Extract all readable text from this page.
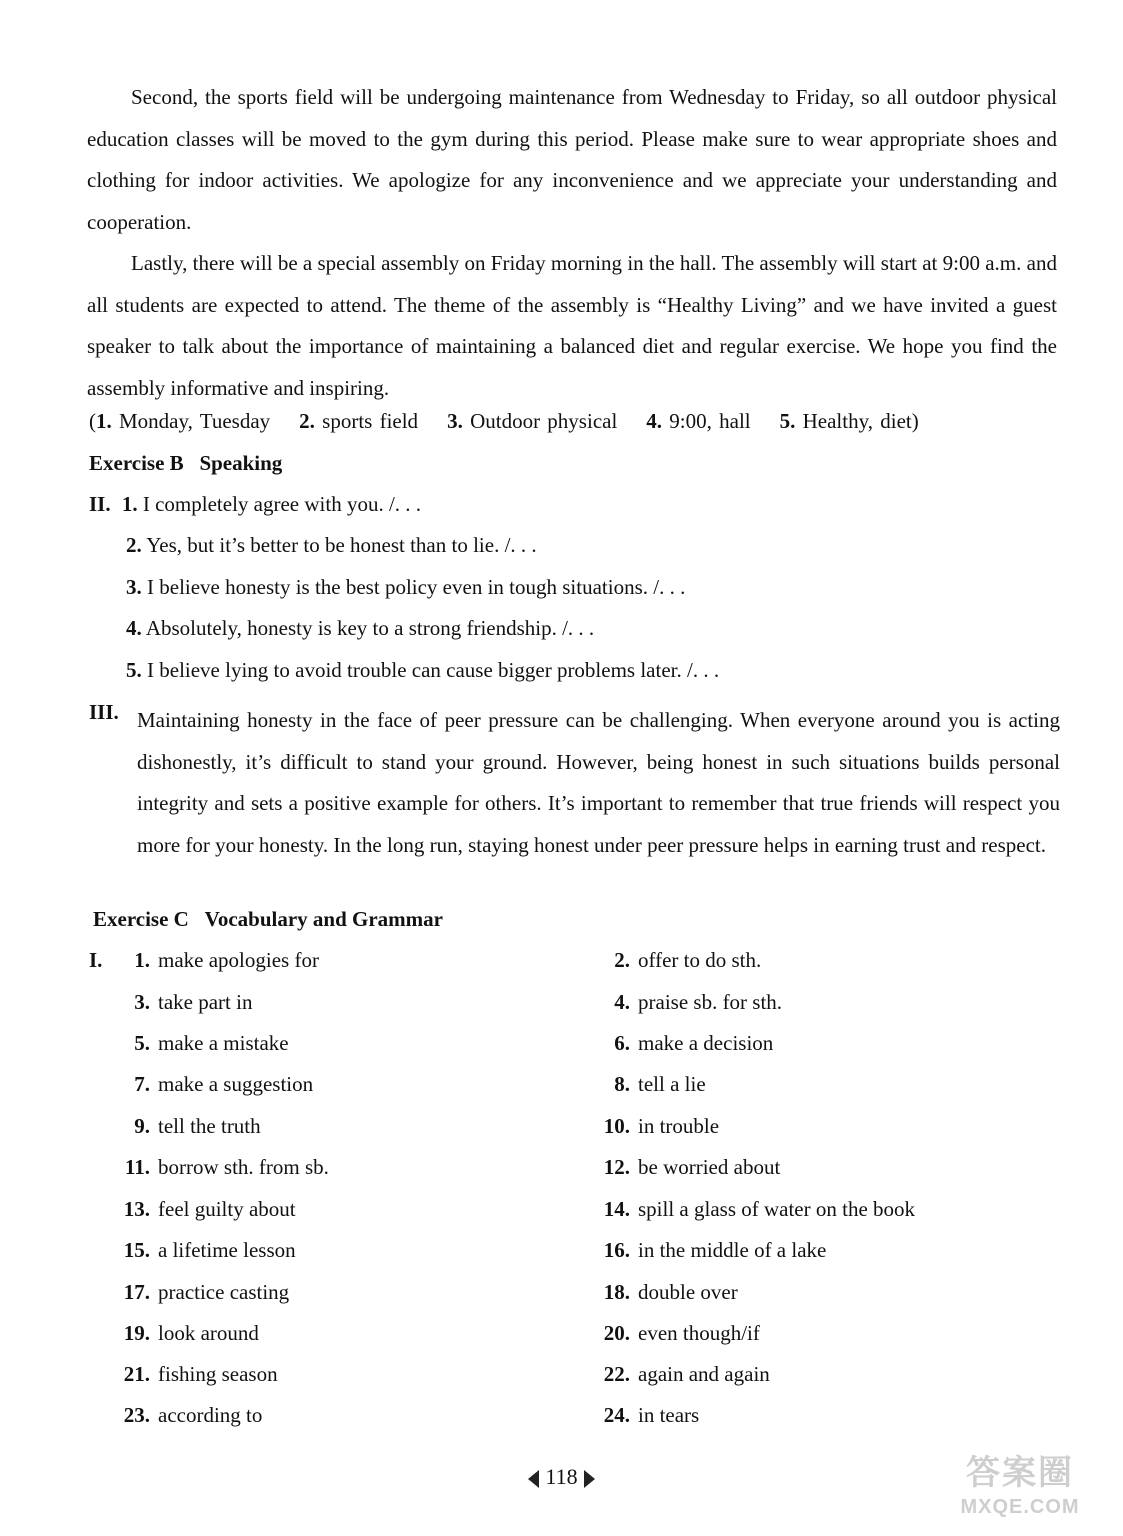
Second, the sports field will be undergoing maintenance from Wednesday to Friday, so all outdoor physical education classes will be moved to the gym during this period. Please make sure to wear appropriate shoes and clothing for indoor activities. We apologize for any inconvenience and we appreciate your understanding and cooperation.

Lastly, there will be a special assembly on Friday morning in the hall. The assembly will start at 9:00 a.m. and all students are expected to attend. The theme of the assembly is “Healthy Living” and we have invited a guest speaker to talk about the importance of maintaining a balanced diet and regular exercise. We hope you find the assembly informative and inspiring.

(1. Monday, Tuesday 2. sports field 3. Outdoor physical 4. 9:00, hall 5. Healthy, diet)
Exercise B Speaking
II. 1. I completely agree with you. /. . .
2. Yes, but it’s better to be honest than to lie. /. . .
3. I believe honesty is the best policy even in tough situations. /. . .
4. Absolutely, honesty is key to a strong friendship. /. . .
5. I believe lying to avoid trouble can cause bigger problems later. /. . .
III. Maintaining honesty in the face of peer pressure can be challenging. When everyone around you is acting dishonestly, it’s difficult to stand your ground. However, being honest in such situations builds personal integrity and sets a positive example for others. It’s important to remember that true friends will respect you more for your honesty. In the long run, staying honest under peer pressure helps in earning trust and respect.

Exercise C Vocabulary and Grammar
I.	1. make apologies for	2. offer to do sth.
3. take part in	4. praise sb. for sth.
5. make a mistake	6. make a decision
7. make a suggestion	8. tell a lie
9. tell the truth	10. in trouble
11. borrow sth. from sb.	12. be worried about
13. feel guilty about	14. spill a glass of water on the book
15. a lifetime lesson	16. in the middle of a lake
17. practice casting	18. double over
19. look around	20. even though/if
21. fishing season	22. again and again
23. according to	24. in tears
118	答案圈
MXQE.COM
